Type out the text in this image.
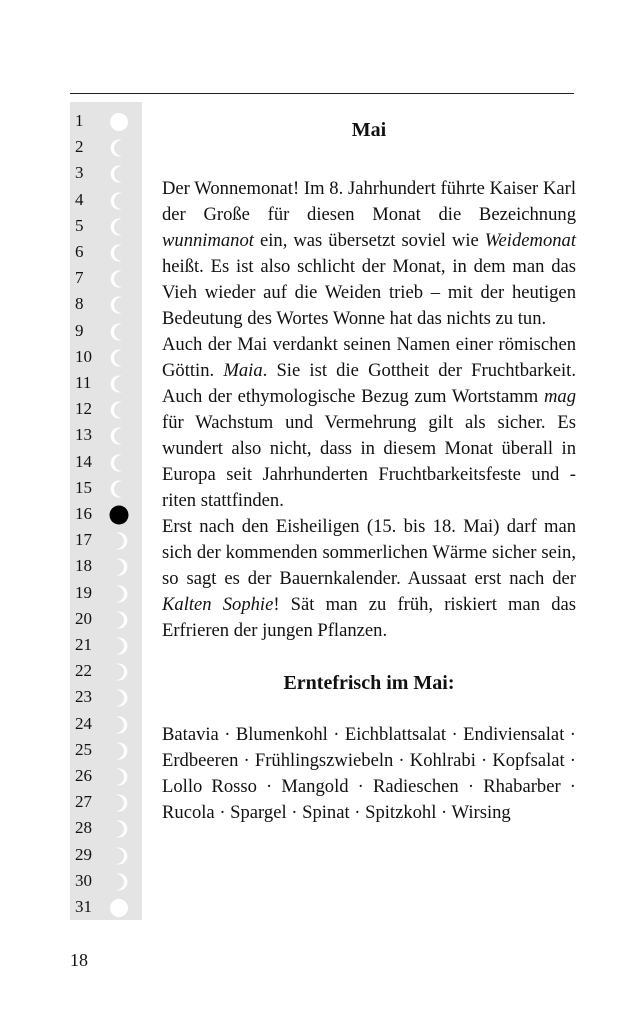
1
2
3
4
5
6
7
8
9
10
11
12
13
14
15
16
17
18
19
20
21
22
23
24
25
26
27
28
29
30
31
Mai

Der Wonnemonat! Im 8. Jahrhundert führte Kaiser Karl der Große für diesen Monat die Bezeichnung wunnimanot ein, was übersetzt soviel wie Weidemonat heißt. Es ist also schlicht der Monat, in dem man das Vieh wieder auf die Weiden trieb – mit der heutigen Bedeutung des Wortes Wonne hat das nichts zu tun.

Auch der Mai verdankt seinen Namen einer römischen Göttin. Maia. Sie ist die Gottheit der Fruchtbarkeit. Auch der ethymologische Bezug zum Wortstamm mag für Wachstum und Vermehrung gilt als sicher. Es wundert also nicht, dass in diesem Monat überall in Europa seit Jahrhunderten Fruchtbarkeitsfeste und -riten stattfinden.

Erst nach den Eisheiligen (15. bis 18. Mai) darf man sich der kommenden sommerlichen Wärme sicher sein, so sagt es der Bauernkalender. Aussaat erst nach der Kalten Sophie! Sät man zu früh, riskiert man das Erfrieren der jungen Pflanzen.

Erntefrisch im Mai:

Batavia · Blumenkohl · Eichblattsalat · Endiviensalat · Erdbeeren · Frühlingszwiebeln · Kohlrabi · Kopfsalat · Lollo Rosso · Mangold · Radieschen · Rhabarber · Rucola · Spargel · Spinat · Spitzkohl · Wirsing

18
